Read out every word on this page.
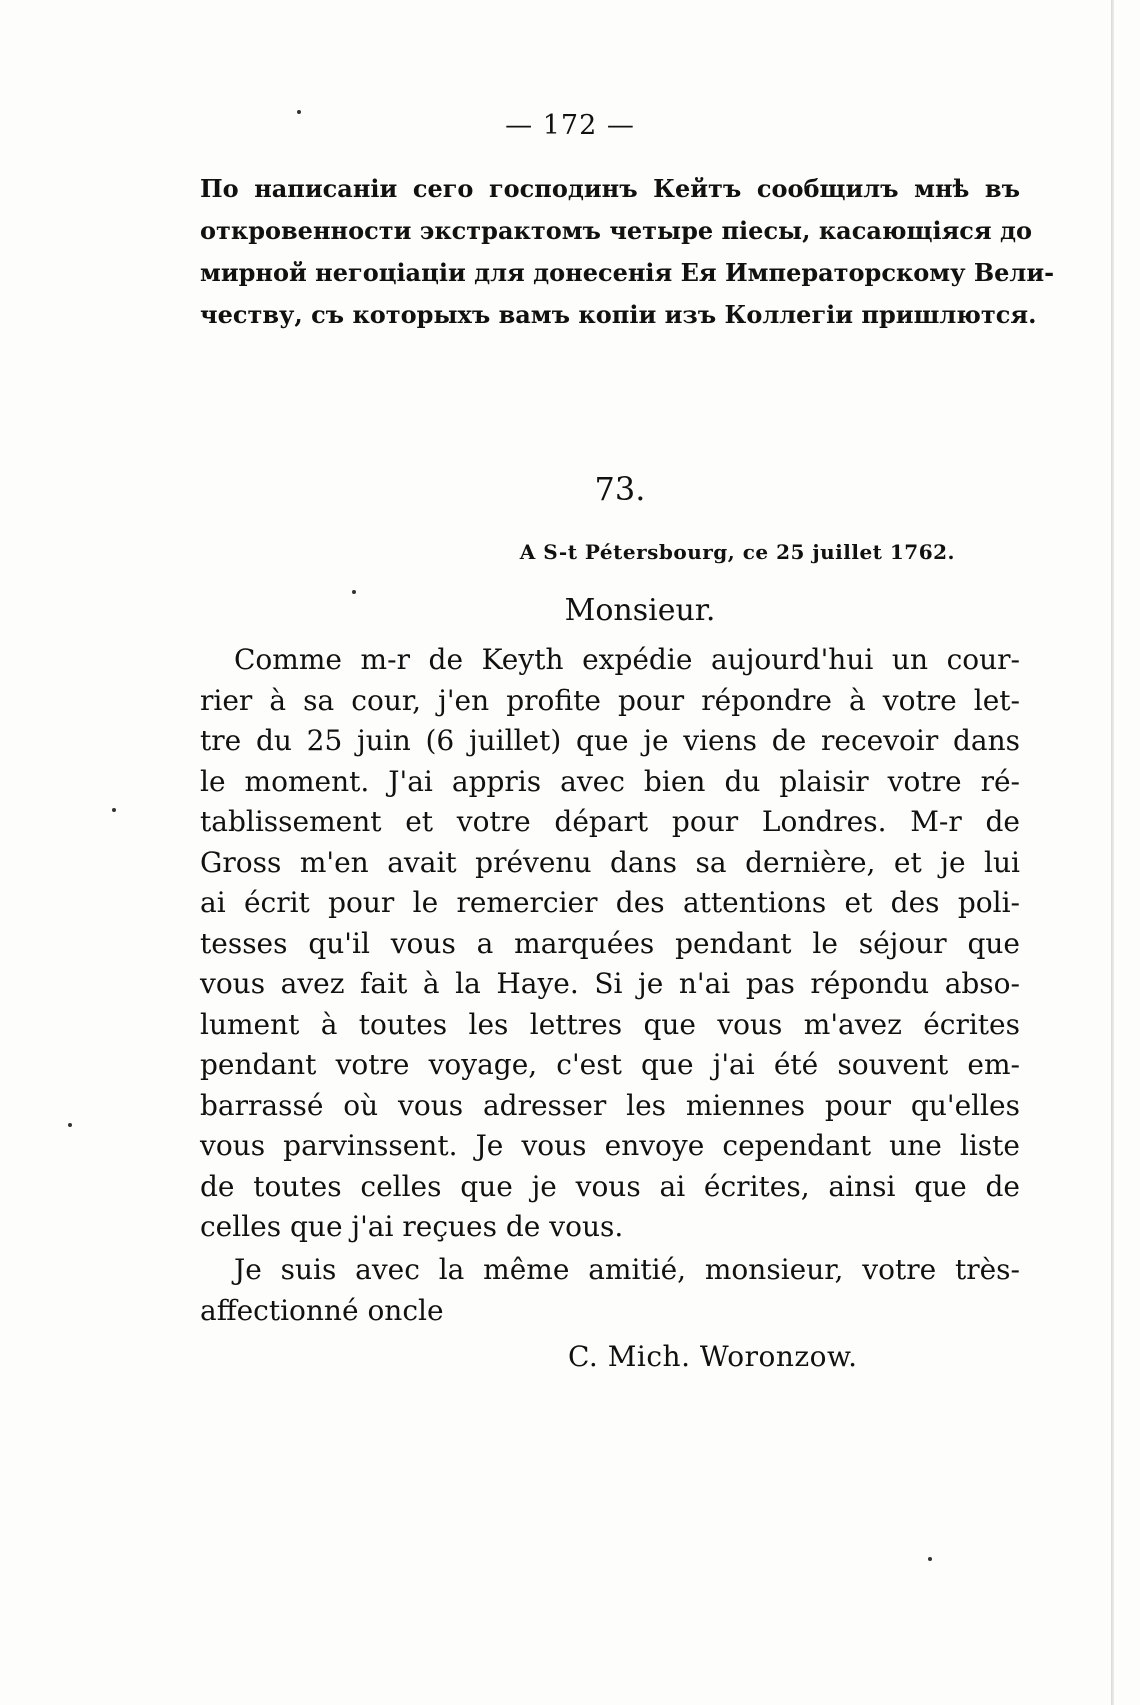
— 172 —
По написаніи сего господинъ Кейтъ сообщилъ мнѣ въ
откровенности экстрактомъ четыре піесы, касающіяся до
мирной негоціаціи для донесенія Ея Императорскому Вели-
честву, съ которыхъ вамъ копіи изъ Коллегіи пришлются.
73.
A S-t Pétersbourg, ce 25 juillet 1762.
Monsieur.
Comme m-r de Keyth expédie aujourd'hui un cour-
rier à sa cour, j'en profite pour répondre à votre let-
tre du 25 juin (6 juillet) que je viens de recevoir dans
le moment. J'ai appris avec bien du plaisir votre ré-
tablissement et votre départ pour Londres. M-r de
Gross m'en avait prévenu dans sa dernière, et je lui
ai écrit pour le remercier des attentions et des poli-
tesses qu'il vous a marquées pendant le séjour que
vous avez fait à la Haye. Si je n'ai pas répondu abso-
lument à toutes les lettres que vous m'avez écrites
pendant votre voyage, c'est que j'ai été souvent em-
barrassé où vous adresser les miennes pour qu'elles
vous parvinssent. Je vous envoye cependant une liste
de toutes celles que je vous ai écrites, ainsi que de
celles que j'ai reçues de vous.
Je suis avec la même amitié, monsieur, votre très-
affectionné oncle
C. Mich. Woronzow.
